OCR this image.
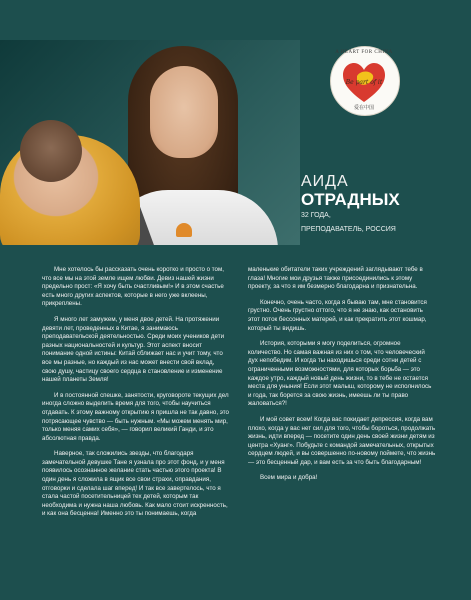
A HEART FOR CHINA
Be part of it
爱在中国
АИДА
ОТРАДНЫХ
32 ГОДА,
ПРЕПОДАВАТЕЛЬ, РОССИЯ

Мне хотелось бы рассказать очень коротко и просто о том, что все мы на этой земле ищем любви. Девиз нашей жизни предельно прост: «Я хочу быть счастливым!» И в этом счастье есть много других аспектов, которые в него уже вклеены, прикреплены.

Я много лет замужем, у меня двое детей. На протяжении девяти лет, проведенных в Китае, я занимаюсь преподавательской деятельностью. Среди моих учеников дети разных национальностей и культур. Этот аспект вносит понимание одной истины: Китай сближает нас и учит тому, что все мы разные, но каждый из нас может внести свой вклад, свою душу, частицу своего сердца в становление и изменение нашей планеты Земля!

И в постоянной спешке, занятости, круговороте текущих дел иногда сложно выделить время для того, чтобы научиться отдавать. К этому важному открытию я пришла не так давно, это потрясающее чувство — быть нужным. «Мы можем менять мир, только меняя самих себя», — говорил великий Ганди, и это абсолютная правда.

Наверное, так сложились звезды, что благодаря замечательной девушке Тане я узнала про этот фонд, и у меня появилось осознанное желание стать частью этого проекта! В один день я сложила в ящик все свои страхи, оправдания, отговорки и сделала шаг вперед! И так все завертелось, что я стала частой посетительницей тех детей, которым так необходима и нужна наша любовь. Как мало стоит искренность, и как она бесценна! Именно это ты понимаешь, когда

маленькие обитатели таких учреждений заглядывают тебе в глаза! Многие мои друзья также присоединились к этому проекту, за что я им безмерно благодарна и признательна.

Конечно, очень часто, когда я бываю там, мне становится грустно. Очень грустно оттого, что я не знаю, как остановить этот поток бессонных матерей, и как прекратить этот кошмар, который ты видишь.

История, которыми я могу поделиться, огромное количество. Но самая важная из них о том, что человеческий дух непобедим. И когда ты находишься среди сотни детей с ограниченными возможностями, для которых борьба — это каждое утро, каждый новый день жизни, то в тебе не остается места для уныния! Если этот малыш, которому не исполнилось и года, так борется за свою жизнь, имеешь ли ты право жаловаться?!

И мой совет всем! Когда вас покидает депрессия, когда вам плохо, когда у вас нет сил для того, чтобы бороться, продолжать жизнь, идти вперед — посетите один день своей жизни детям из центра «Хуанг». Побудьте с командой замечательных, открытых сердцем людей, и вы совершенно по-новому поймете, что жизнь — это бесценный дар, и вам есть за что быть благодарным!

Всем мира и добра!
